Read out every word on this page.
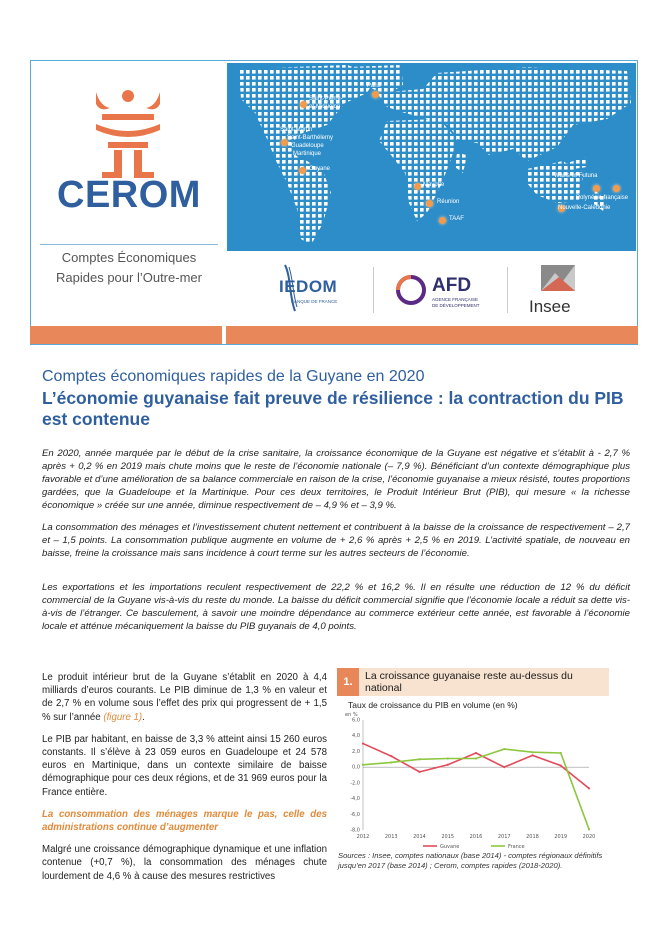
CEROM
Comptes Économiques
Rapides pour l’Outre-mer
Saint-Pierre-
et-Miquelon
Paris
Saint-Martin
Saint-Barthélemy
Guadeloupe
Martinique
Guyane
Mayotte
Réunion
TAAF
Wallis-et-Futuna
Polynésie française
Nouvelle-Calédonie
IEDOM
BANQUE DE FRANCE
AFD
AGENCE FRANÇAISE
DE DÉVELOPPEMENT	Insee
Comptes économiques rapides de la Guyane en 2020
L’économie guyanaise fait preuve de résilience : la contraction du PIB est contenue

En 2020, année marquée par le début de la crise sanitaire, la croissance économique de la Guyane est négative et s’établit à - 2,7 % après + 0,2 % en 2019 mais chute moins que le reste de l’économie nationale (– 7,9 %). Bénéficiant d’un contexte démographique plus favorable et d’une amélioration de sa balance commerciale en raison de la crise, l’économie guyanaise a mieux résisté, toutes proportions gardées, que la Guadeloupe et la Martinique. Pour ces deux territoires, le Produit Intérieur Brut (PIB), qui mesure « la richesse économique » créée sur une année, diminue respectivement de – 4,9 % et – 3,9 %.

La consommation des ménages et l’investissement chutent nettement et contribuent à la baisse de la croissance de respectivement – 2,7 et – 1,5 points. La consommation publique augmente en volume de + 2,6 % après + 2,5 % en 2019. L’activité spatiale, de nouveau en baisse, freine la croissance mais sans incidence à court terme sur les autres secteurs de l’économie.

Les exportations et les importations reculent respectivement de 22,2 % et 16,2 %. Il en résulte une réduction de 12 % du déficit commercial de la Guyane vis-à-vis du reste du monde. La baisse du déficit commercial signifie que l’économie locale a réduit sa dette vis-à-vis de l’étranger. Ce basculement, à savoir une moindre dépendance au commerce extérieur cette année, est favorable à l’économie locale et atténue mécaniquement la baisse du PIB guyanais de 4,0 points.

Le produit intérieur brut de la Guyane s’établit en 2020 à 4,4 milliards d’euros courants. Le PIB diminue de 1,3 % en valeur et de 2,7 % en volume sous l’effet des prix qui progressent de + 1,5 % sur l’année (figure 1).

Le PIB par habitant, en baisse de 3,3 % atteint ainsi 15 260 euros constants. Il s’élève à 23 059 euros en Guadeloupe et 24 578 euros en Martinique, dans un contexte similaire de baisse démographique pour ces deux régions, et de 31 969 euros pour la France entière.

La consommation des ménages marque le pas, celle des administrations continue d’augmenter

Malgré une croissance démographique dynamique et une inflation contenue (+0,7 %), la consommation des ménages chute lourdement de 4,6 % à cause des mesures restrictives

1.	La croissance guyanaise reste au-dessus du national
Taux de croissance du PIB en volume (en %)
en %
6,0
4,0
2,0
0,0
-2,0
-4,0
-6,0
-8,0
2012	2013	2014	2015	2016	2017	2018	2019	2020
Guyane	France
Sources : Insee, comptes nationaux (base 2014) - comptes régionaux définitifs jusqu'en 2017 (base 2014) ; Cerom, comptes rapides (2018-2020).
